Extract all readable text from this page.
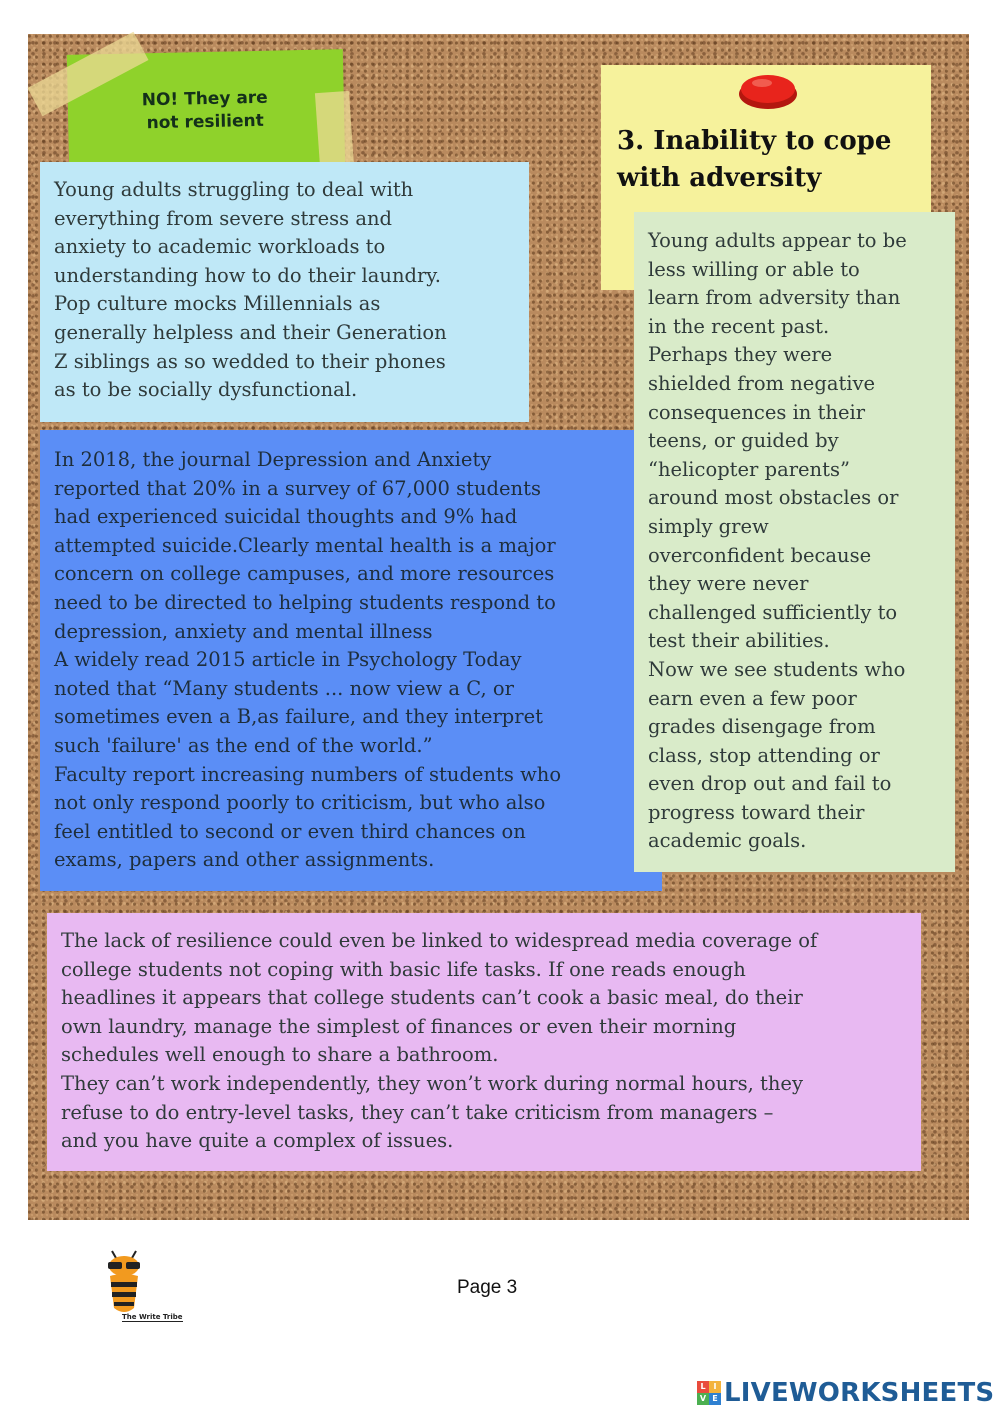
NO! They are
not resilient

3. Inability to cope
with adversity

Young adults struggling to deal with
everything from severe stress and
anxiety to academic workloads to
understanding how to do their laundry.
Pop culture mocks Millennials as
generally helpless and their Generation
Z siblings as so wedded to their phones
as to be socially dysfunctional.

In 2018, the journal Depression and Anxiety
reported that 20% in a survey of 67,000 students
had experienced suicidal thoughts and 9% had
attempted suicide.Clearly mental health is a major
concern on college campuses, and more resources
need to be directed to helping students respond to
depression, anxiety and mental illness
A widely read 2015 article in Psychology Today
noted that “Many students ... now view a C, or
sometimes even a B,as failure, and they interpret
such 'failure' as the end of the world.”
Faculty report increasing numbers of students who
not only respond poorly to criticism, but who also
feel entitled to second or even third chances on
exams, papers and other assignments.

Young adults appear to be
less willing or able to
learn from adversity than
in the recent past.
Perhaps they were
shielded from negative
consequences in their
teens, or guided by
“helicopter parents”
around most obstacles or
simply grew
overconfident because
they were never
challenged sufficiently to
test their abilities.
Now we see students who
earn even a few poor
grades disengage from
class, stop attending or
even drop out and fail to
progress toward their
academic goals.

The lack of resilience could even be linked to widespread media coverage of
college students not coping with basic life tasks. If one reads enough
headlines it appears that college students can’t cook a basic meal, do their
own laundry, manage the simplest of finances or even their morning
schedules well enough to share a bathroom.
They can’t work independently, they won’t work during normal hours, they
refuse to do entry-level tasks, they can’t take criticism from managers –
and you have quite a complex of issues.

The Write Tribe
Page 3
L I
V E LIVEWORKSHEETS
